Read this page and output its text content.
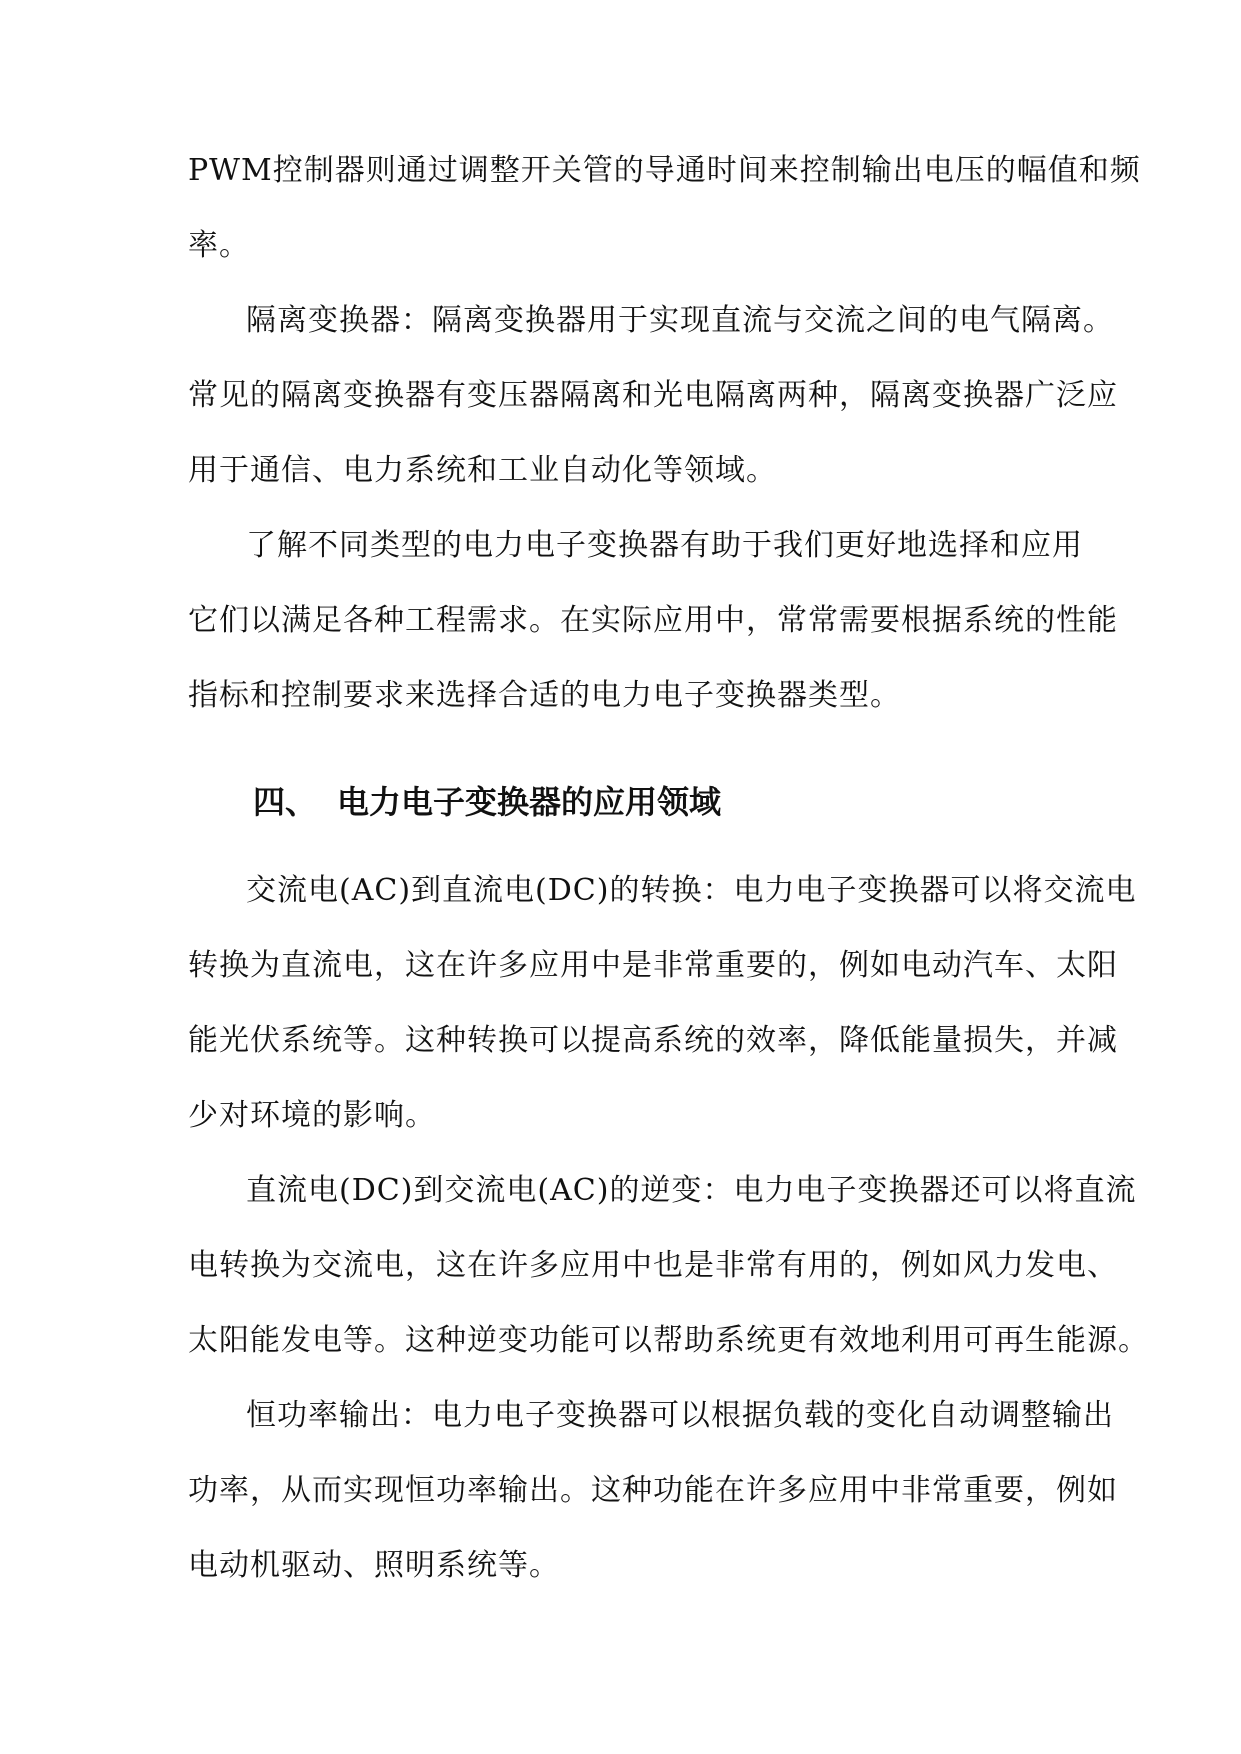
PWM控制器则通过调整开关管的导通时间来控制输出电压的幅值和频
率。
隔离变换器：隔离变换器用于实现直流与交流之间的电气隔离。
常见的隔离变换器有变压器隔离和光电隔离两种，隔离变换器广泛应
用于通信、电力系统和工业自动化等领域。
了解不同类型的电力电子变换器有助于我们更好地选择和应用
它们以满足各种工程需求。在实际应用中，常常需要根据系统的性能
指标和控制要求来选择合适的电力电子变换器类型。
四、 电力电子变换器的应用领域
交流电(AC)到直流电(DC)的转换：电力电子变换器可以将交流电
转换为直流电，这在许多应用中是非常重要的，例如电动汽车、太阳
能光伏系统等。这种转换可以提高系统的效率，降低能量损失，并减
少对环境的影响。
直流电(DC)到交流电(AC)的逆变：电力电子变换器还可以将直流
电转换为交流电，这在许多应用中也是非常有用的，例如风力发电、
太阳能发电等。这种逆变功能可以帮助系统更有效地利用可再生能源。
恒功率输出：电力电子变换器可以根据负载的变化自动调整输出
功率，从而实现恒功率输出。这种功能在许多应用中非常重要，例如
电动机驱动、照明系统等。
